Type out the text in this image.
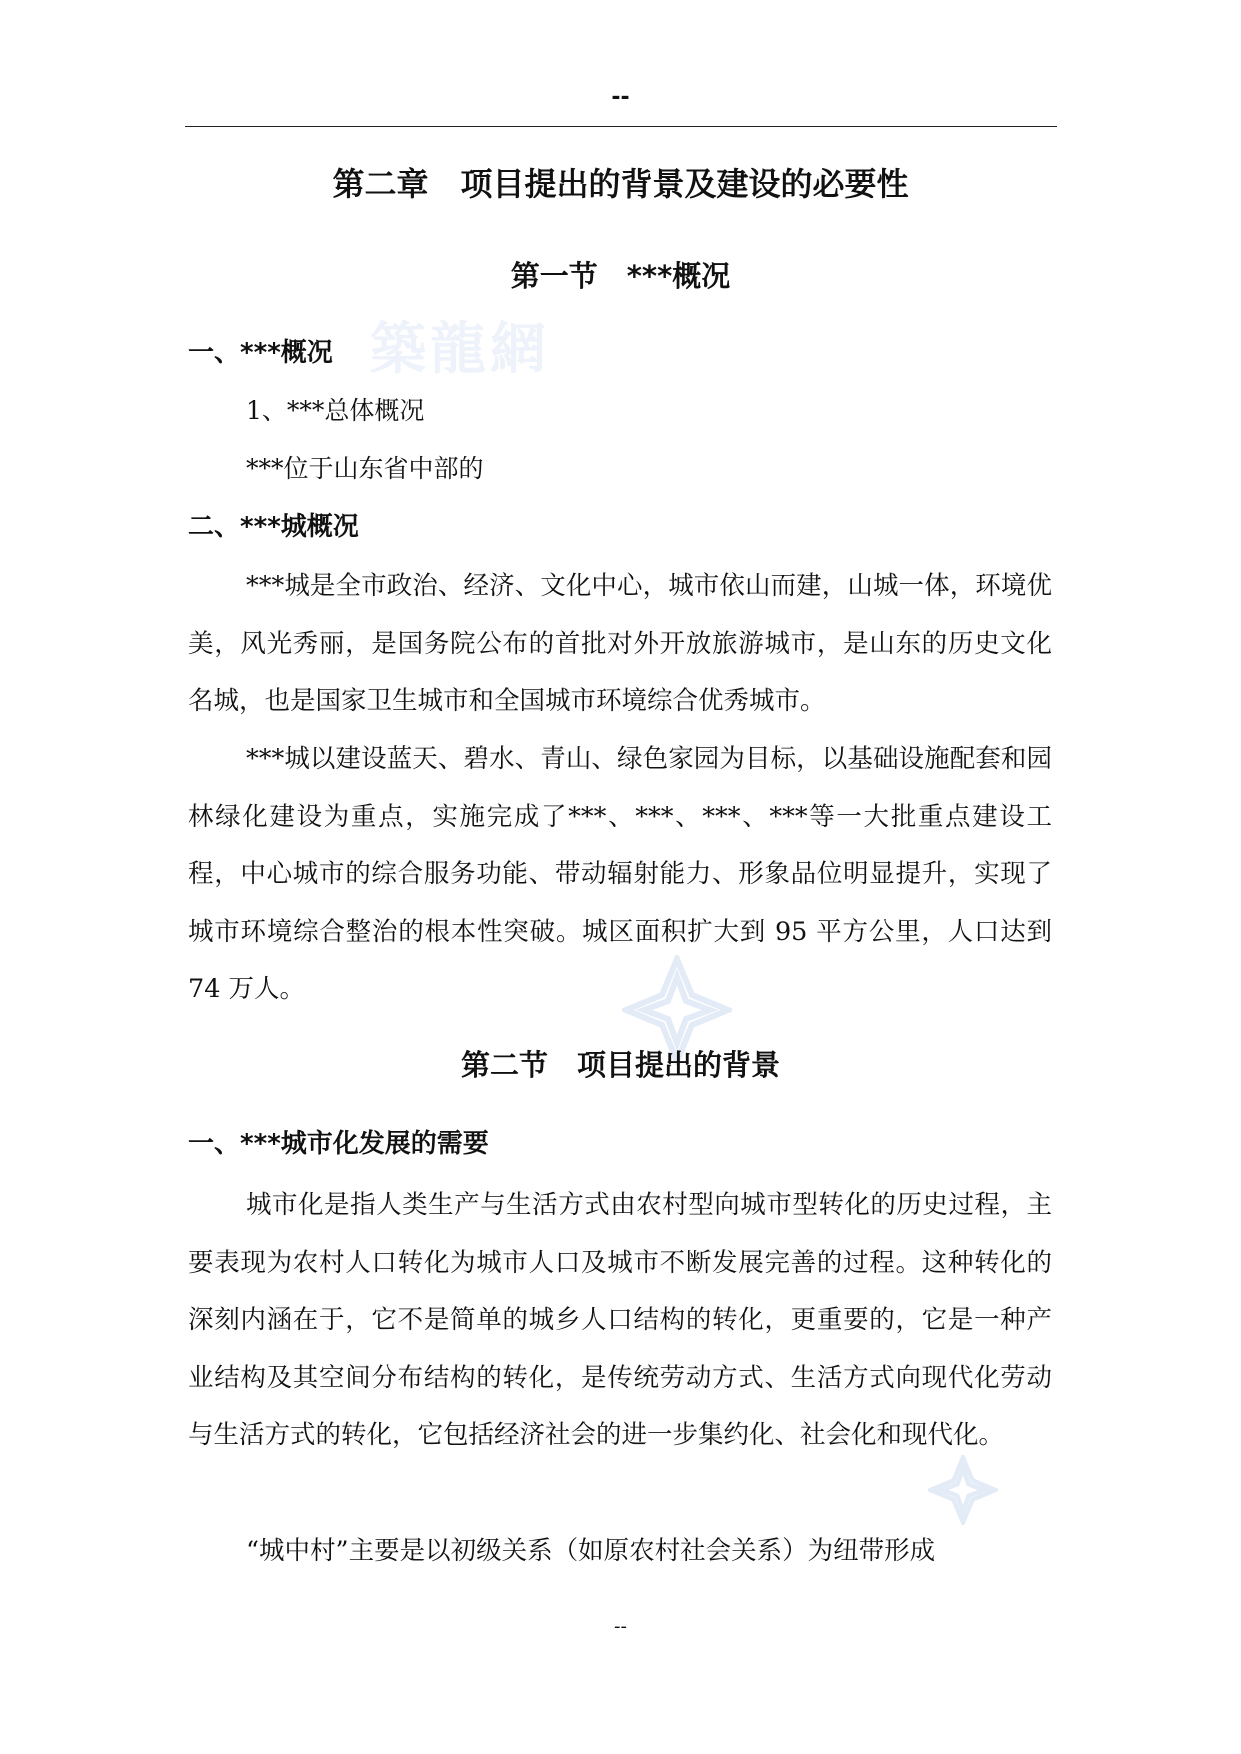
築龍網
--
第二章　项目提出的背景及建设的必要性
第一节　***概况
一、***概况
1、***总体概况
***位于山东省中部的
二、***城概况

***城是全市政治、经济、文化中心，城市依山而建，山城一体，环境优美，风光秀丽，是国务院公布的首批对外开放旅游城市，是山东的历史文化名城，也是国家卫生城市和全国城市环境综合优秀城市。

***城以建设蓝天、碧水、青山、绿色家园为目标，以基础设施配套和园林绿化建设为重点，实施完成了***、***、***、***等一大批重点建设工程，中心城市的综合服务功能、带动辐射能力、形象品位明显提升，实现了城市环境综合整治的根本性突破。城区面积扩大到 95 平方公里，人口达到 74 万人。

第二节　项目提出的背景
一、***城市化发展的需要

城市化是指人类生产与生活方式由农村型向城市型转化的历史过程，主要表现为农村人口转化为城市人口及城市不断发展完善的过程。这种转化的深刻内涵在于，它不是简单的城乡人口结构的转化，更重要的，它是一种产业结构及其空间分布结构的转化，是传统劳动方式、生活方式向现代化劳动与生活方式的转化，它包括经济社会的进一步集约化、社会化和现代化。

“城中村”主要是以初级关系（如原农村社会关系）为纽带形成

--
